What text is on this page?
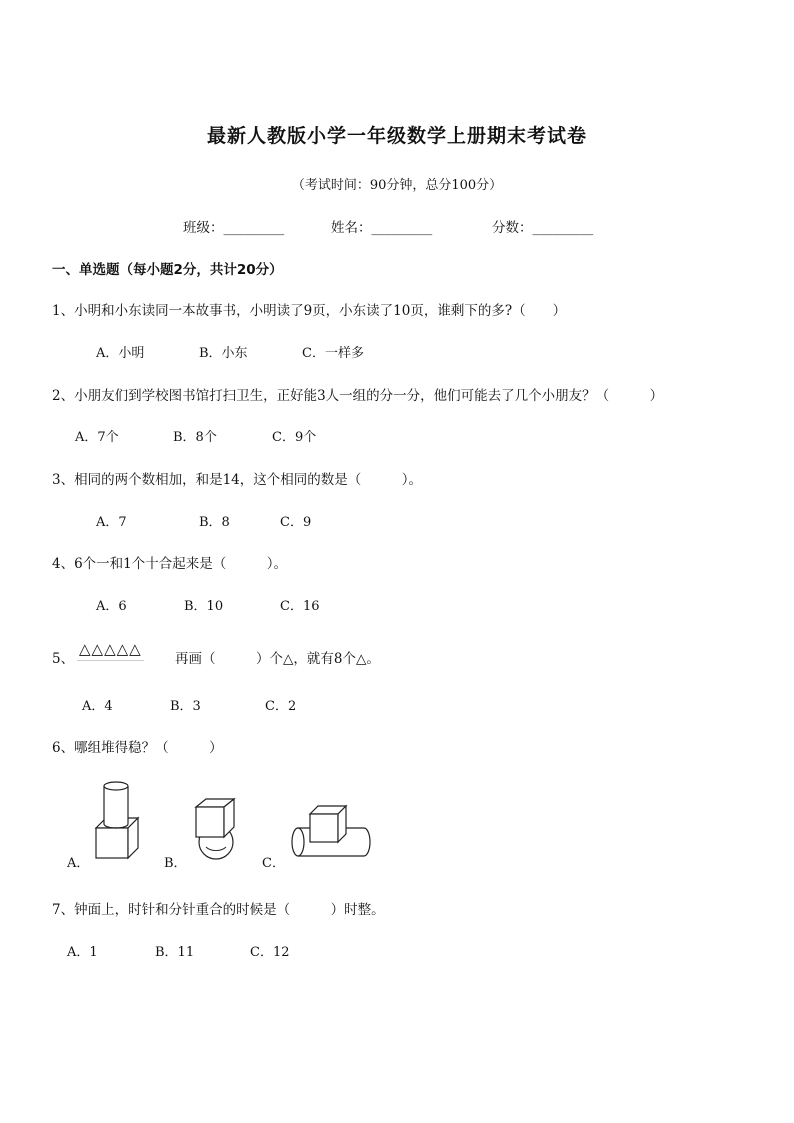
最新人教版小学一年级数学上册期末考试卷
（考试时间：90分钟，总分100分）
班级：_________	姓名：_________	分数：_________
一、单选题（每小题2分，共计20分）
1、小明和小东读同一本故事书，小明读了9页，小东读了10页，谁剩下的多?（　　）
A．小明	B．小东	C．一样多
2、小朋友们到学校图书馆打扫卫生，正好能3人一组的分一分，他们可能去了几个小朋友？（　　　）
A．7个	B．8个	C．9个
3、相同的两个数相加，和是14，这个相同的数是（　　　）。
A．7	B．8	C．9
4、6个一和1个十合起来是（　　　）。
A．6	B．10	C．16
5、
△△△△△
再画（　　　）个△，就有8个△。
A．4	B．3	C．2
6、哪组堆得稳？（　　　）
A．	B．	C．
7、钟面上，时针和分针重合的时候是（　　　）时整。
A．1	B．11	C．12
